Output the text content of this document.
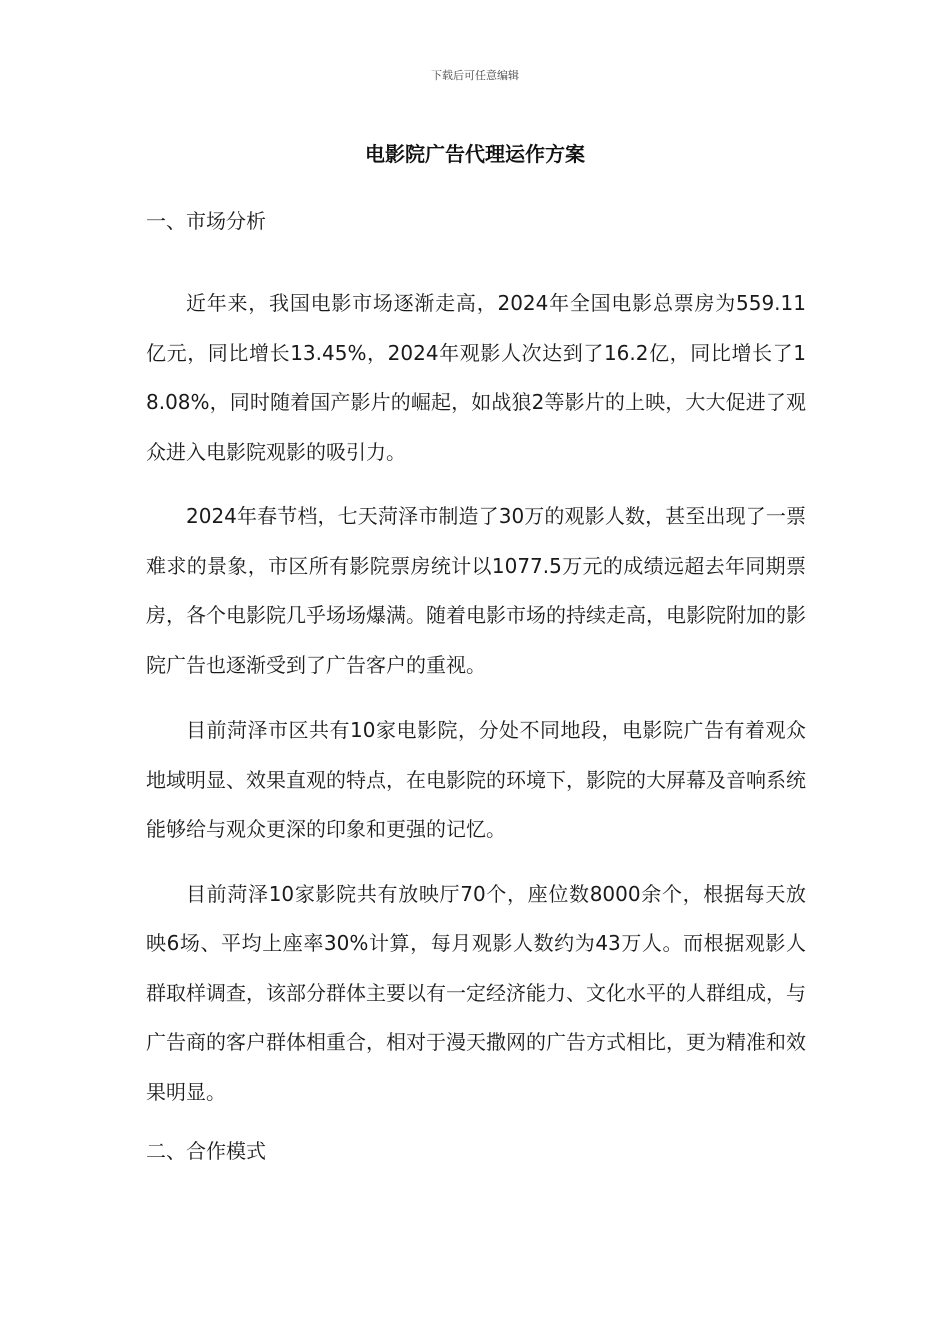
下载后可任意编辑
电影院广告代理运作方案

一、市场分析

近年来，我国电影市场逐渐走高，2024年全国电影总票房为559.11亿元，同比增长13.45%，2024年观影人次达到了16.2亿，同比增长了18.08%，同时随着国产影片的崛起，如战狼2等影片的上映，大大促进了观众进入电影院观影的吸引力。

2024年春节档，七天菏泽市制造了30万的观影人数，甚至出现了一票难求的景象，市区所有影院票房统计以1077.5万元的成绩远超去年同期票房，各个电影院几乎场场爆满。随着电影市场的持续走高，电影院附加的影院广告也逐渐受到了广告客户的重视。

目前菏泽市区共有10家电影院，分处不同地段，电影院广告有着观众地域明显、效果直观的特点，在电影院的环境下，影院的大屏幕及音响系统能够给与观众更深的印象和更强的记忆。

目前菏泽10家影院共有放映厅70个，座位数8000余个，根据每天放映6场、平均上座率30%计算，每月观影人数约为43万人。而根据观影人群取样调查，该部分群体主要以有一定经济能力、文化水平的人群组成，与广告商的客户群体相重合，相对于漫天撒网的广告方式相比，更为精准和效果明显。

二、合作模式
